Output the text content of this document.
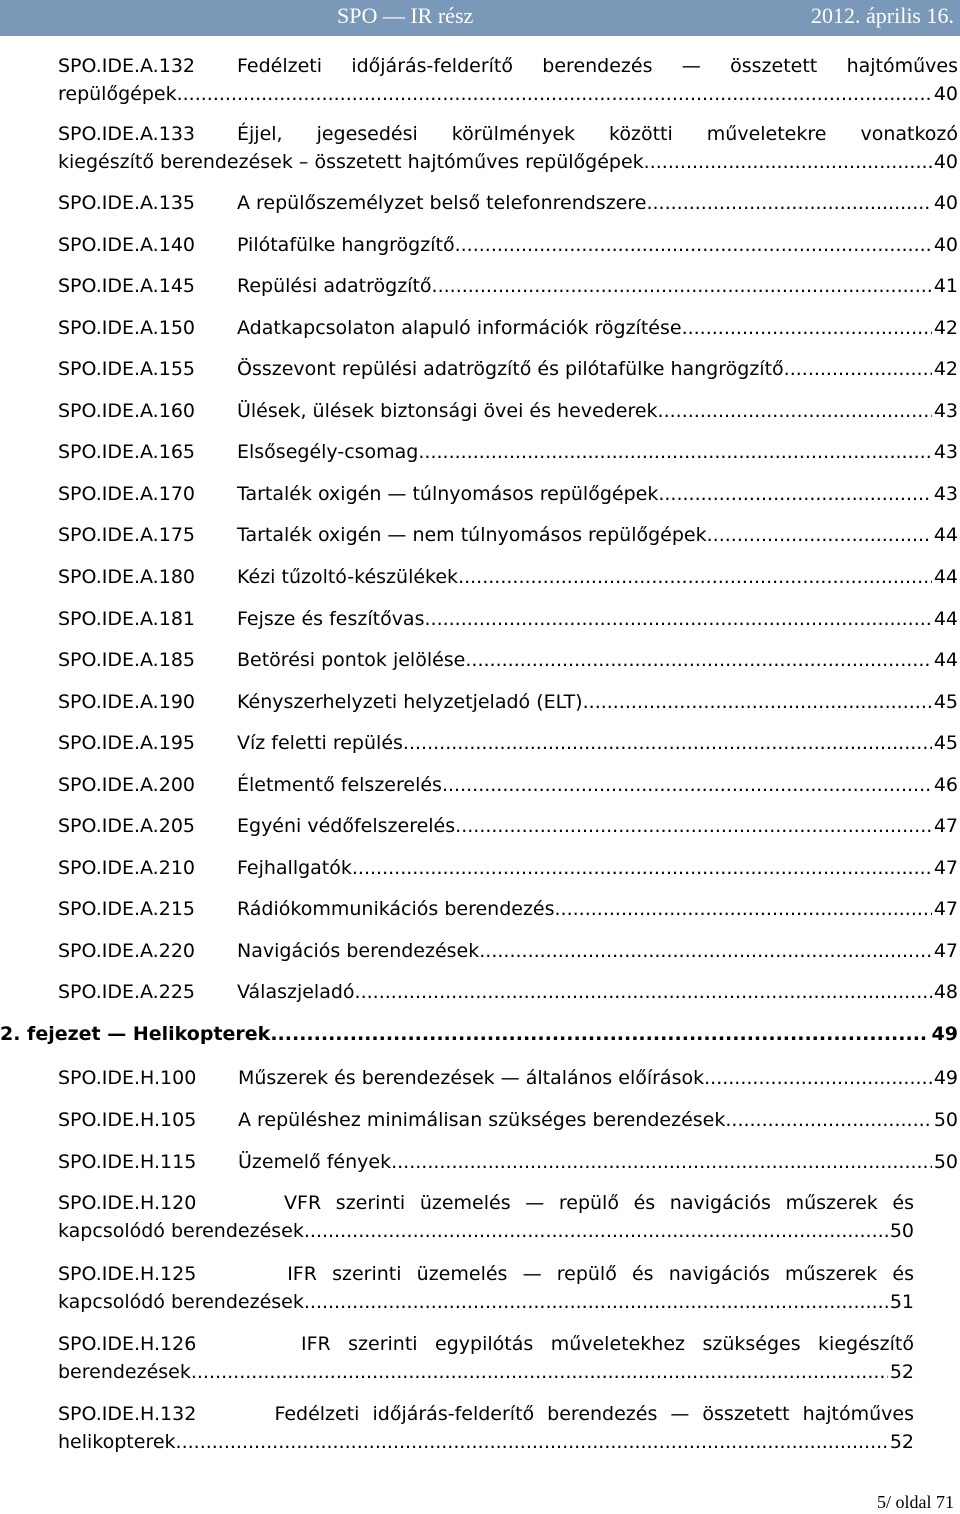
SPO — IR rész	2012. április 16.
SPO.IDE.A.132 Fedélzeti időjárás-felderítő berendezés — összetett hajtóműves
repülőgépek .....	40
SPO.IDE.A.133 Éjjel, jegesedési körülmények közötti műveletekre vonatkozó
kiegészítő berendezések – összetett hajtóműves repülőgépek .....	40
SPO.IDE.A.135	A repülőszemélyzet belső telefonrendszere .....	40
SPO.IDE.A.140	Pilótafülke hangrögzítő .....	40
SPO.IDE.A.145	Repülési adatrögzítő .....	41
SPO.IDE.A.150	Adatkapcsolaton alapuló információk rögzítése .....	42
SPO.IDE.A.155	Összevont repülési adatrögzítő és pilótafülke hangrögzítő .....	42
SPO.IDE.A.160	Ülések, ülések biztonsági övei és hevederek .....	43
SPO.IDE.A.165	Elsősegély-csomag .....	43
SPO.IDE.A.170	Tartalék oxigén — túlnyomásos repülőgépek .....	43
SPO.IDE.A.175	Tartalék oxigén — nem túlnyomásos repülőgépek .....	44
SPO.IDE.A.180	Kézi tűzoltó-készülékek .....	44
SPO.IDE.A.181	Fejsze és feszítővas .....	44
SPO.IDE.A.185	Betörési pontok jelölése .....	44
SPO.IDE.A.190	Kényszerhelyzeti helyzetjeladó (ELT) .....	45
SPO.IDE.A.195	Víz feletti repülés .....	45
SPO.IDE.A.200	Életmentő felszerelés .....	46
SPO.IDE.A.205	Egyéni védőfelszerelés .....	47
SPO.IDE.A.210	Fejhallgatók .....	47
SPO.IDE.A.215	Rádiókommunikációs berendezés .....	47
SPO.IDE.A.220	Navigációs berendezések .....	47
SPO.IDE.A.225	Válaszjeladó .....	48
2. fejezet — Helikopterek .....	49
SPO.IDE.H.100	Műszerek és berendezések — általános előírások .....	49
SPO.IDE.H.105	A repüléshez minimálisan szükséges berendezések .....	50
SPO.IDE.H.115	Üzemelő fények .....	50
SPO.IDE.H.120      VFR szerinti üzemelés — repülő és navigációs műszerek és
kapcsolódó berendezések .....	50
SPO.IDE.H.125      IFR szerinti üzemelés — repülő és navigációs műszerek és
kapcsolódó berendezések .....	51
SPO.IDE.H.126      IFR szerinti egypilótás műveletekhez szükséges kiegészítő
berendezések .....	52
SPO.IDE.H.132      Fedélzeti időjárás-felderítő berendezés — összetett hajtóműves
helikopterek .....	52
5/ oldal 71
